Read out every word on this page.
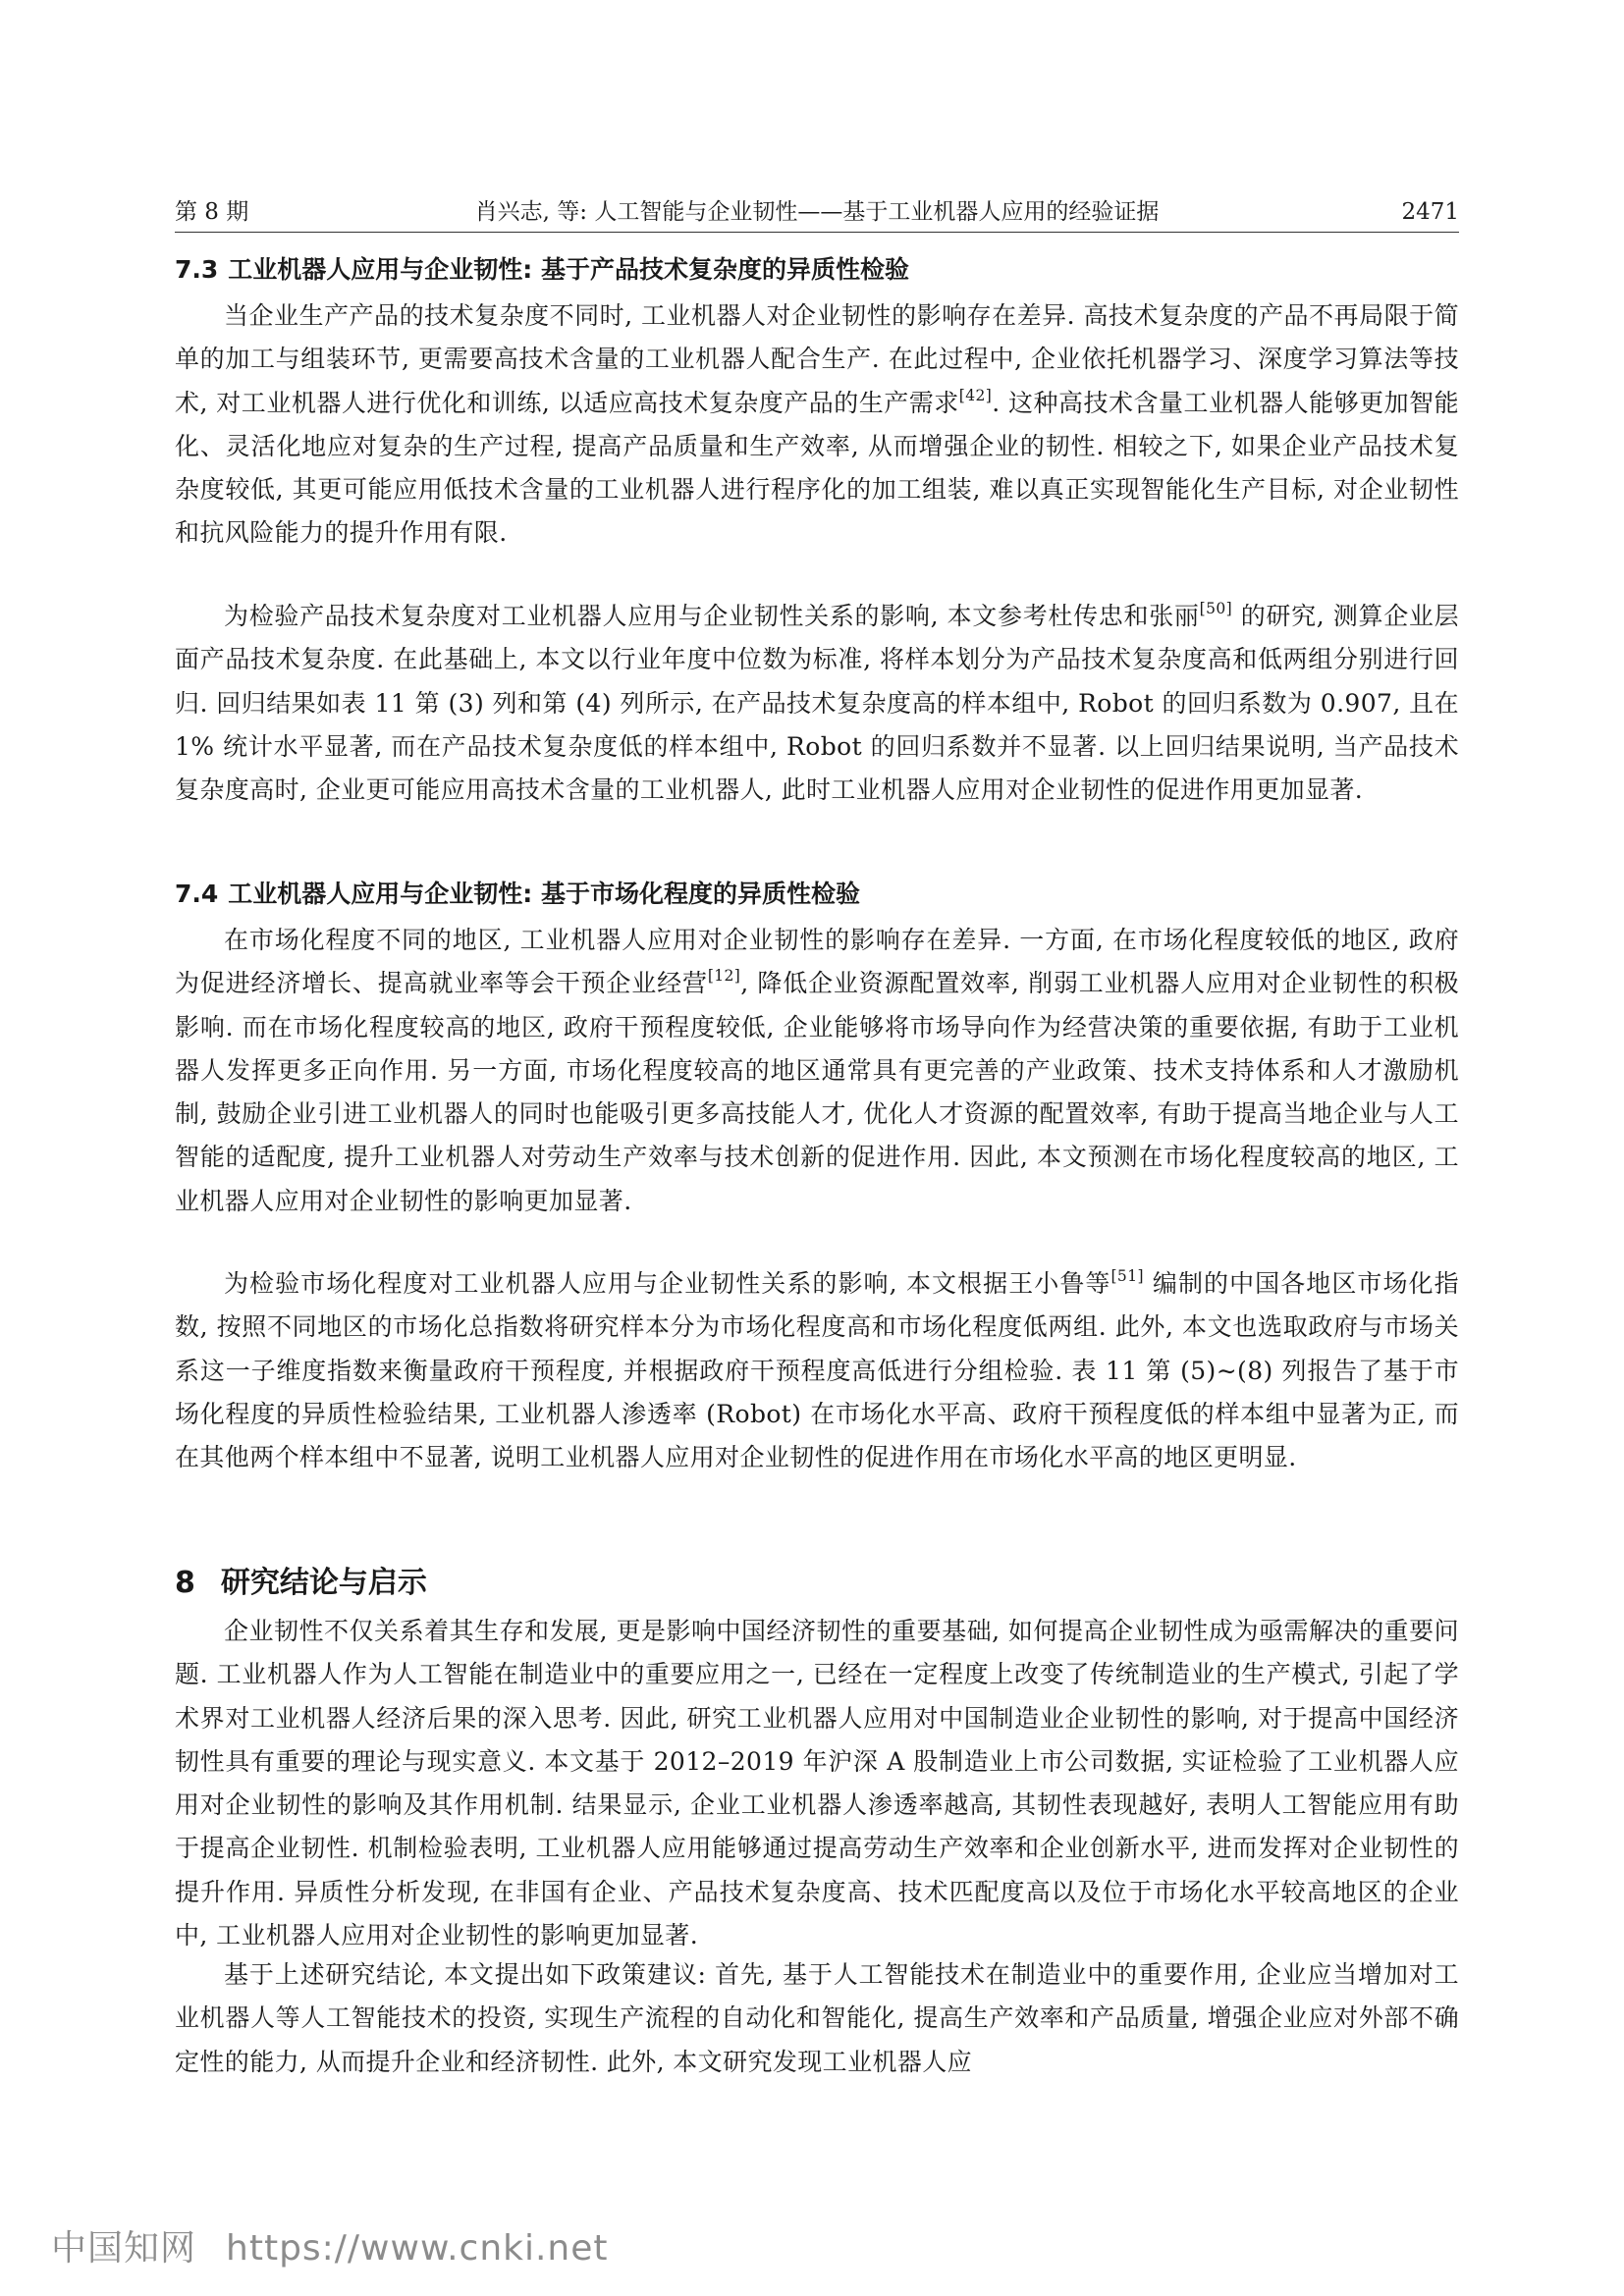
第 8 期	肖兴志, 等: 人工智能与企业韧性——基于工业机器人应用的经验证据	2471
7.3 工业机器人应用与企业韧性: 基于产品技术复杂度的异质性检验

当企业生产产品的技术复杂度不同时, 工业机器人对企业韧性的影响存在差异. 高技术复杂度的产品不再局限于简单的加工与组装环节, 更需要高技术含量的工业机器人配合生产. 在此过程中, 企业依托机器学习、深度学习算法等技术, 对工业机器人进行优化和训练, 以适应高技术复杂度产品的生产需求[42]. 这种高技术含量工业机器人能够更加智能化、灵活化地应对复杂的生产过程, 提高产品质量和生产效率, 从而增强企业的韧性. 相较之下, 如果企业产品技术复杂度较低, 其更可能应用低技术含量的工业机器人进行程序化的加工组装, 难以真正实现智能化生产目标, 对企业韧性和抗风险能力的提升作用有限.

为检验产品技术复杂度对工业机器人应用与企业韧性关系的影响, 本文参考杜传忠和张丽[50] 的研究, 测算企业层面产品技术复杂度. 在此基础上, 本文以行业年度中位数为标准, 将样本划分为产品技术复杂度高和低两组分别进行回归. 回归结果如表 11 第 (3) 列和第 (4) 列所示, 在产品技术复杂度高的样本组中, Robot 的回归系数为 0.907, 且在 1% 统计水平显著, 而在产品技术复杂度低的样本组中, Robot 的回归系数并不显著. 以上回归结果说明, 当产品技术复杂度高时, 企业更可能应用高技术含量的工业机器人, 此时工业机器人应用对企业韧性的促进作用更加显著.

7.4 工业机器人应用与企业韧性: 基于市场化程度的异质性检验

在市场化程度不同的地区, 工业机器人应用对企业韧性的影响存在差异. 一方面, 在市场化程度较低的地区, 政府为促进经济增长、提高就业率等会干预企业经营[12], 降低企业资源配置效率, 削弱工业机器人应用对企业韧性的积极影响. 而在市场化程度较高的地区, 政府干预程度较低, 企业能够将市场导向作为经营决策的重要依据, 有助于工业机器人发挥更多正向作用. 另一方面, 市场化程度较高的地区通常具有更完善的产业政策、技术支持体系和人才激励机制, 鼓励企业引进工业机器人的同时也能吸引更多高技能人才, 优化人才资源的配置效率, 有助于提高当地企业与人工智能的适配度, 提升工业机器人对劳动生产效率与技术创新的促进作用. 因此, 本文预测在市场化程度较高的地区, 工业机器人应用对企业韧性的影响更加显著.

为检验市场化程度对工业机器人应用与企业韧性关系的影响, 本文根据王小鲁等[51] 编制的中国各地区市场化指数, 按照不同地区的市场化总指数将研究样本分为市场化程度高和市场化程度低两组. 此外, 本文也选取政府与市场关系这一子维度指数来衡量政府干预程度, 并根据政府干预程度高低进行分组检验. 表 11 第 (5)∼(8) 列报告了基于市场化程度的异质性检验结果, 工业机器人渗透率 (Robot) 在市场化水平高、政府干预程度低的样本组中显著为正, 而在其他两个样本组中不显著, 说明工业机器人应用对企业韧性的促进作用在市场化水平高的地区更明显.

8 研究结论与启示

企业韧性不仅关系着其生存和发展, 更是影响中国经济韧性的重要基础, 如何提高企业韧性成为亟需解决的重要问题. 工业机器人作为人工智能在制造业中的重要应用之一, 已经在一定程度上改变了传统制造业的生产模式, 引起了学术界对工业机器人经济后果的深入思考. 因此, 研究工业机器人应用对中国制造业企业韧性的影响, 对于提高中国经济韧性具有重要的理论与现实意义. 本文基于 2012–2019 年沪深 A 股制造业上市公司数据, 实证检验了工业机器人应用对企业韧性的影响及其作用机制. 结果显示, 企业工业机器人渗透率越高, 其韧性表现越好, 表明人工智能应用有助于提高企业韧性. 机制检验表明, 工业机器人应用能够通过提高劳动生产效率和企业创新水平, 进而发挥对企业韧性的提升作用. 异质性分析发现, 在非国有企业、产品技术复杂度高、技术匹配度高以及位于市场化水平较高地区的企业中, 工业机器人应用对企业韧性的影响更加显著.

基于上述研究结论, 本文提出如下政策建议: 首先, 基于人工智能技术在制造业中的重要作用, 企业应当增加对工业机器人等人工智能技术的投资, 实现生产流程的自动化和智能化, 提高生产效率和产品质量, 增强企业应对外部不确定性的能力, 从而提升企业和经济韧性. 此外, 本文研究发现工业机器人应

中国知网 https://www.cnki.net
